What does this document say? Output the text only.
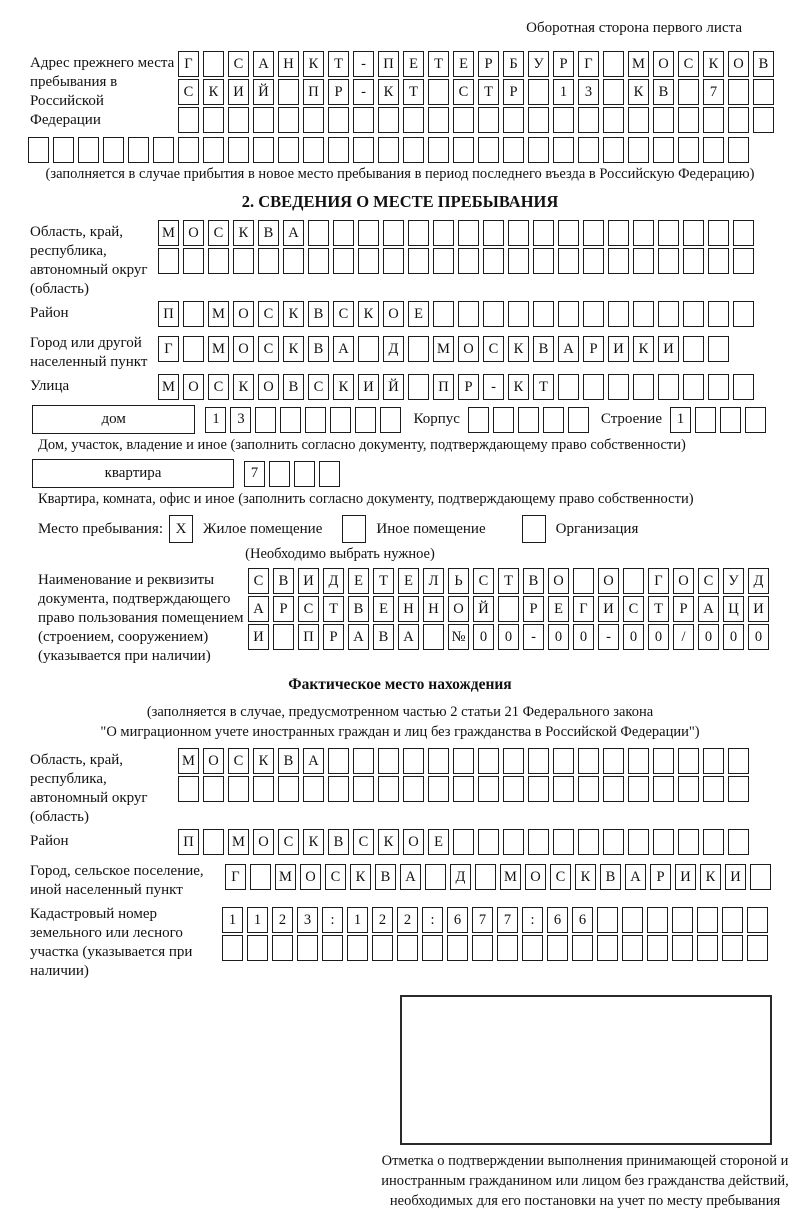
Оборотная сторона первого листа
Адрес прежнего места пребывания в Российской Федерации
Г	С	А	Н	К	Т	-	П	Е	Т	Е	Р	Б	У	Р	Г	М О	С	К	О	В
С	К	И	Й	П	Р	-	К	Т	С	Т	Р	1	3	К	В	7
(заполняется в случае прибытия в новое место пребывания в период последнего въезда в Российскую Федерацию)
2. СВЕДЕНИЯ О МЕСТЕ ПРЕБЫВАНИЯ
Область, край, республика, автономный округ (область)
М О	С	К	В	А
Район	П	М О	С	К	В	С	К	О	Е
Город или другой населенный пункт
Г	М О	С	К	В	А	Д	М О	С	К	В	А	Р	И	К	И
Улица	М О	С	К	О	В	С	К	И	Й	П	Р	-	К	Т
дом	1	3	Корпус	Строение	1
Дом, участок, владение и иное (заполнить согласно документу, подтверждающему право собственности)
квартира	7
Квартира, комната, офис и иное (заполнить согласно документу, подтверждающему право собственности)
Место пребывания: X	Жилое помещение	Иное помещение	Организация
(Необходимо выбрать нужное)
Наименование и реквизиты документа, подтверждающего право пользования помещением (строением, сооружением) (указывается при наличии)
С	В	И	Д	Е	Т	Е	Л	Ь	С	Т	В	О	О	Г	О	С	У	Д
А	Р	С	Т	В	Е	Н	Н	О	Й	Р	Е	Г	И	С	Т	Р	А	Ц	И
И	П	Р	А	В	А	№ 0	0	-	0	0	-	0	0	/	0	0	0
Фактическое место нахождения
(заполняется в случае, предусмотренном частью 2 статьи 21 Федерального закона
"О миграционном учете иностранных граждан и лиц без гражданства в Российской Федерации")
Область, край, республика, автономный округ (область)
М О	С	К	В	А
Район	П	М О	С	К	В	С	К	О	Е
Город, сельское поселение, иной населенный пункт
Г	М О	С	К	В	А	Д	М О	С	К	В	А	Р	И	К	И
Кадастровый номер земельного или лесного участка (указывается при наличии)
1	1	2	3	:	1	2	2	:	6	7	7	:	6	6
Отметка о подтверждении выполнения принимающей стороной и иностранным гражданином или лицом без гражданства действий, необходимых для его постановки на учет по месту пребывания
